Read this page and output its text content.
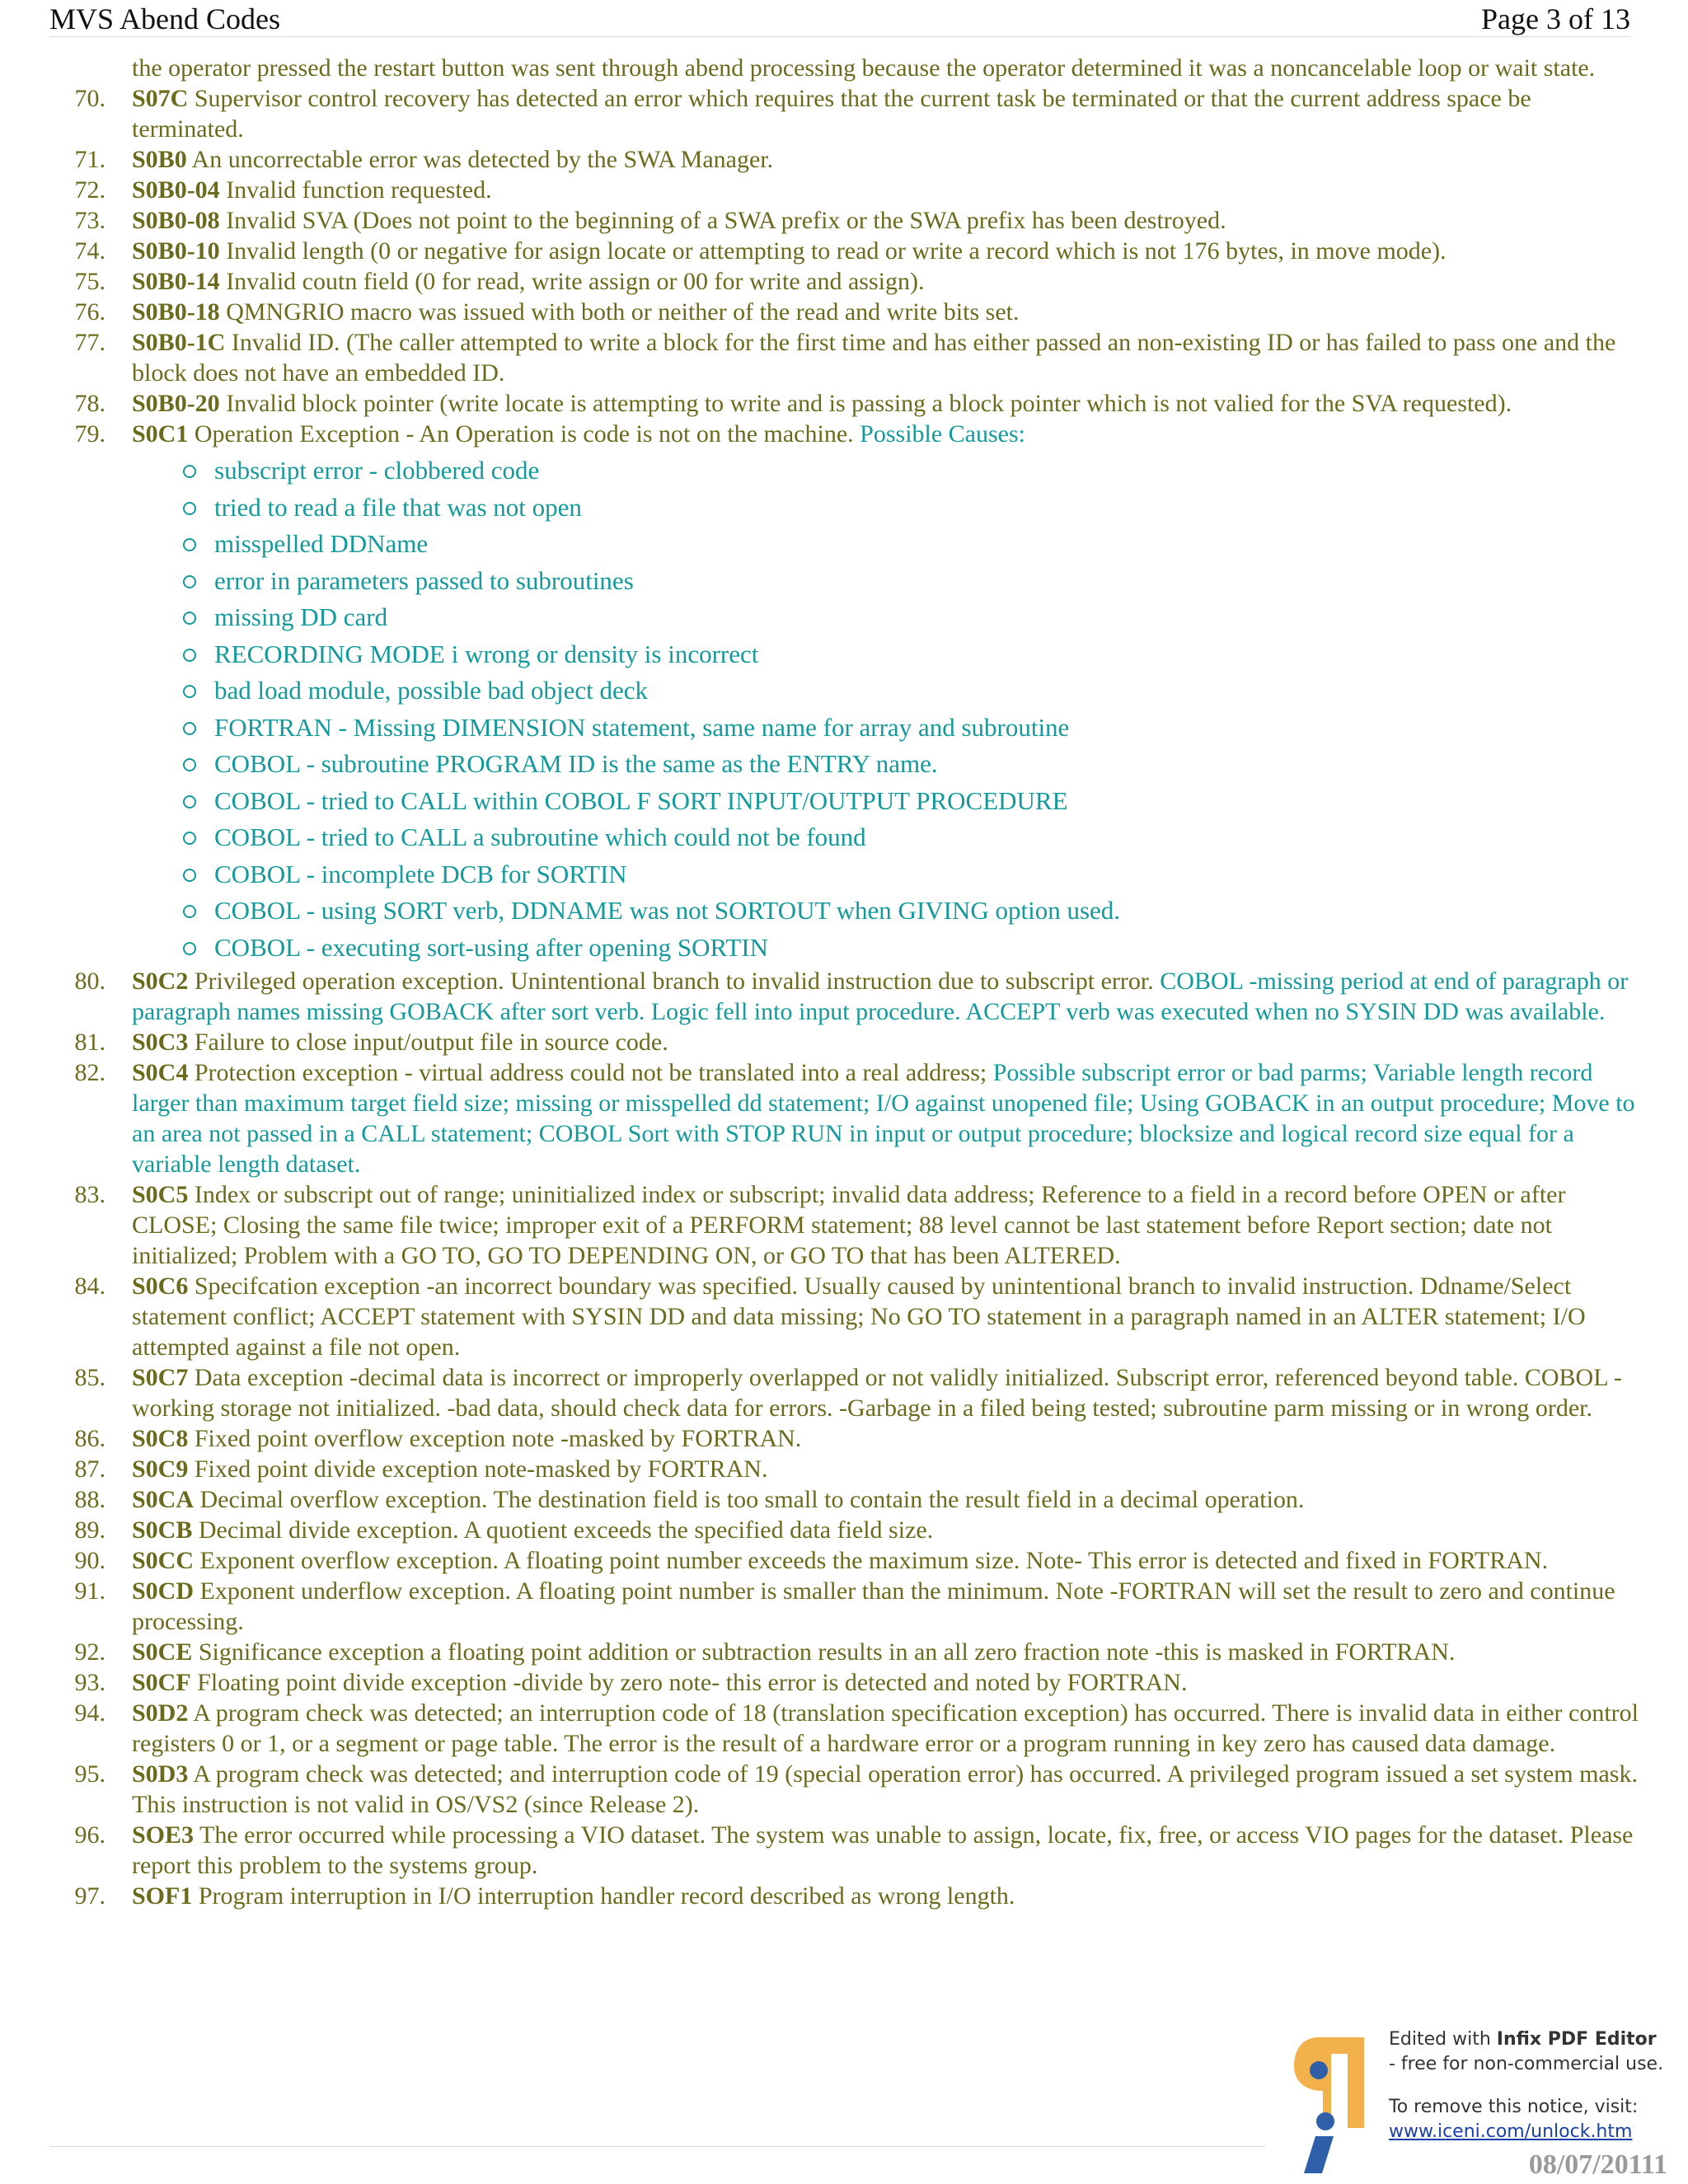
MVS Abend Codes	Page 3 of 13
the operator pressed the restart button was sent through abend processing because the operator determined it was a noncancelable loop or wait state.
70. S07C Supervisor control recovery has detected an error which requires that the current task be terminated or that the current address space be terminated.
71. S0B0 An uncorrectable error was detected by the SWA Manager.
72. S0B0-04 Invalid function requested.
73. S0B0-08 Invalid SVA (Does not point to the beginning of a SWA prefix or the SWA prefix has been destroyed.
74. S0B0-10 Invalid length (0 or negative for asign locate or attempting to read or write a record which is not 176 bytes, in move mode).
75. S0B0-14 Invalid coutn field (0 for read, write assign or 00 for write and assign).
76. S0B0-18 QMNGRIO macro was issued with both or neither of the read and write bits set.
77. S0B0-1C Invalid ID. (The caller attempted to write a block for the first time and has either passed an non-existing ID or has failed to pass one and the block does not have an embedded ID.
78. S0B0-20 Invalid block pointer (write locate is attempting to write and is passing a block pointer which is not valied for the SVA requested).
79. S0C1 Operation Exception - An Operation is code is not on the machine. Possible Causes:
subscript error - clobbered code
tried to read a file that was not open
misspelled DDName
error in parameters passed to subroutines
missing DD card
RECORDING MODE i wrong or density is incorrect
bad load module, possible bad object deck
FORTRAN - Missing DIMENSION statement, same name for array and subroutine
COBOL - subroutine PROGRAM ID is the same as the ENTRY name.
COBOL - tried to CALL within COBOL F SORT INPUT/OUTPUT PROCEDURE
COBOL - tried to CALL a subroutine which could not be found
COBOL - incomplete DCB for SORTIN
COBOL - using SORT verb, DDNAME was not SORTOUT when GIVING option used.
COBOL - executing sort-using after opening SORTIN
80. S0C2 Privileged operation exception. Unintentional branch to invalid instruction due to subscript error. COBOL -missing period at end of paragraph or paragraph names missing GOBACK after sort verb. Logic fell into input procedure. ACCEPT verb was executed when no SYSIN DD was available.
81. S0C3 Failure to close input/output file in source code.
82. S0C4 Protection exception - virtual address could not be translated into a real address; Possible subscript error or bad parms; Variable length record larger than maximum target field size; missing or misspelled dd statement; I/O against unopened file; Using GOBACK in an output procedure; Move to an area not passed in a CALL statement; COBOL Sort with STOP RUN in input or output procedure; blocksize and logical record size equal for a variable length dataset.
83. S0C5 Index or subscript out of range; uninitialized index or subscript; invalid data address; Reference to a field in a record before OPEN or after CLOSE; Closing the same file twice; improper exit of a PERFORM statement; 88 level cannot be last statement before Report section; date not initialized; Problem with a GO TO, GO TO DEPENDING ON, or GO TO that has been ALTERED.
84. S0C6 Specifcation exception -an incorrect boundary was specified. Usually caused by unintentional branch to invalid instruction. Ddname/Select statement conflict; ACCEPT statement with SYSIN DD and data missing; No GO TO statement in a paragraph named in an ALTER statement; I/O attempted against a file not open.
85. S0C7 Data exception -decimal data is incorrect or improperly overlapped or not validly initialized. Subscript error, referenced beyond table. COBOL -working storage not initialized. -bad data, should check data for errors. -Garbage in a filed being tested; subroutine parm missing or in wrong order.
86. S0C8 Fixed point overflow exception note -masked by FORTRAN.
87. S0C9 Fixed point divide exception note-masked by FORTRAN.
88. S0CA Decimal overflow exception. The destination field is too small to contain the result field in a decimal operation.
89. S0CB Decimal divide exception. A quotient exceeds the specified data field size.
90. S0CC Exponent overflow exception. A floating point number exceeds the maximum size. Note- This error is detected and fixed in FORTRAN.
91. S0CD Exponent underflow exception. A floating point number is smaller than the minimum. Note -FORTRAN will set the result to zero and continue processing.
92. S0CE Significance exception a floating point addition or subtraction results in an all zero fraction note -this is masked in FORTRAN.
93. S0CF Floating point divide exception -divide by zero note- this error is detected and noted by FORTRAN.
94. S0D2 A program check was detected; an interruption code of 18 (translation specification exception) has occurred. There is invalid data in either control registers 0 or 1, or a segment or page table. The error is the result of a hardware error or a program running in key zero has caused data damage.
95. S0D3 A program check was detected; and interruption code of 19 (special operation error) has occurred. A privileged program issued a set system mask. This instruction is not valid in OS/VS2 (since Release 2).
96. SOE3 The error occurred while processing a VIO dataset. The system was unable to assign, locate, fix, free, or access VIO pages for the dataset. Please report this problem to the systems group.
97. SOF1 Program interruption in I/O interruption handler record described as wrong length.
Edited with Infix PDF Editor
- free for non-commercial use.
To remove this notice, visit:
www.iceni.com/unlock.htm
08/07/20111
